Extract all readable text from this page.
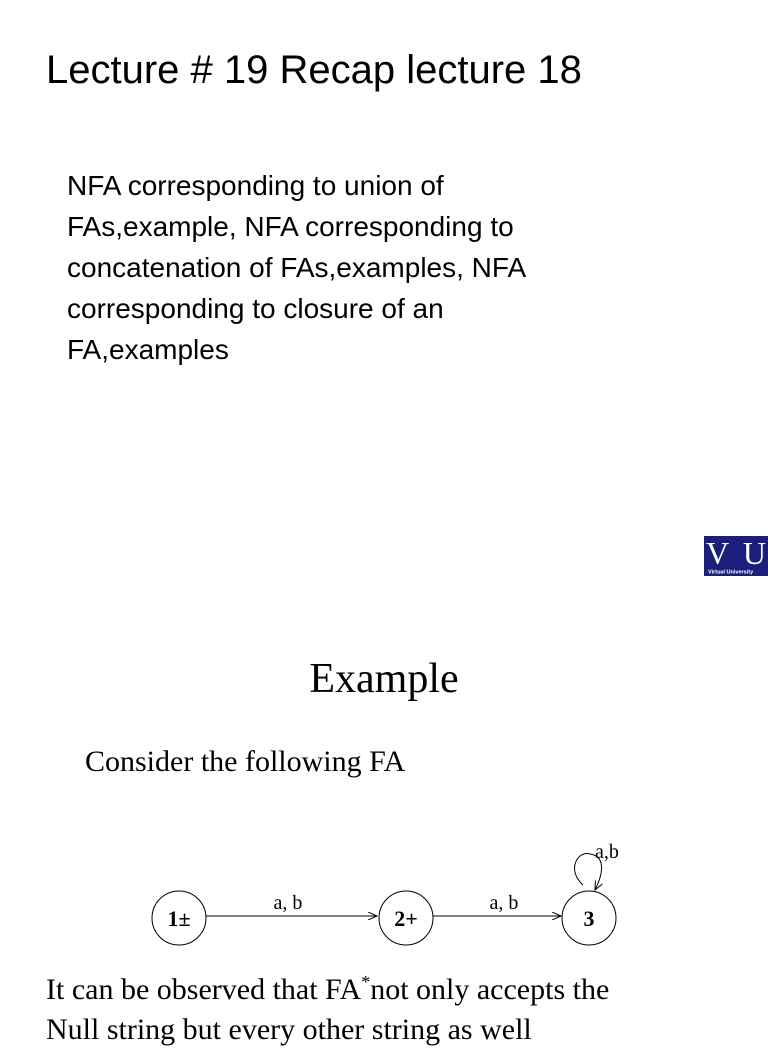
Lecture # 19 Recap lecture 18
NFA corresponding to union of
FAs,example, NFA corresponding to
concatenation of FAs,examples, NFA
corresponding to closure of an
FA,examples
VU
Virtual University
Example
Consider the following FA
a, b	a, b
a,b
1±	2+	3
It can be observed that FA*not only accepts the
Null string but every other string as well
